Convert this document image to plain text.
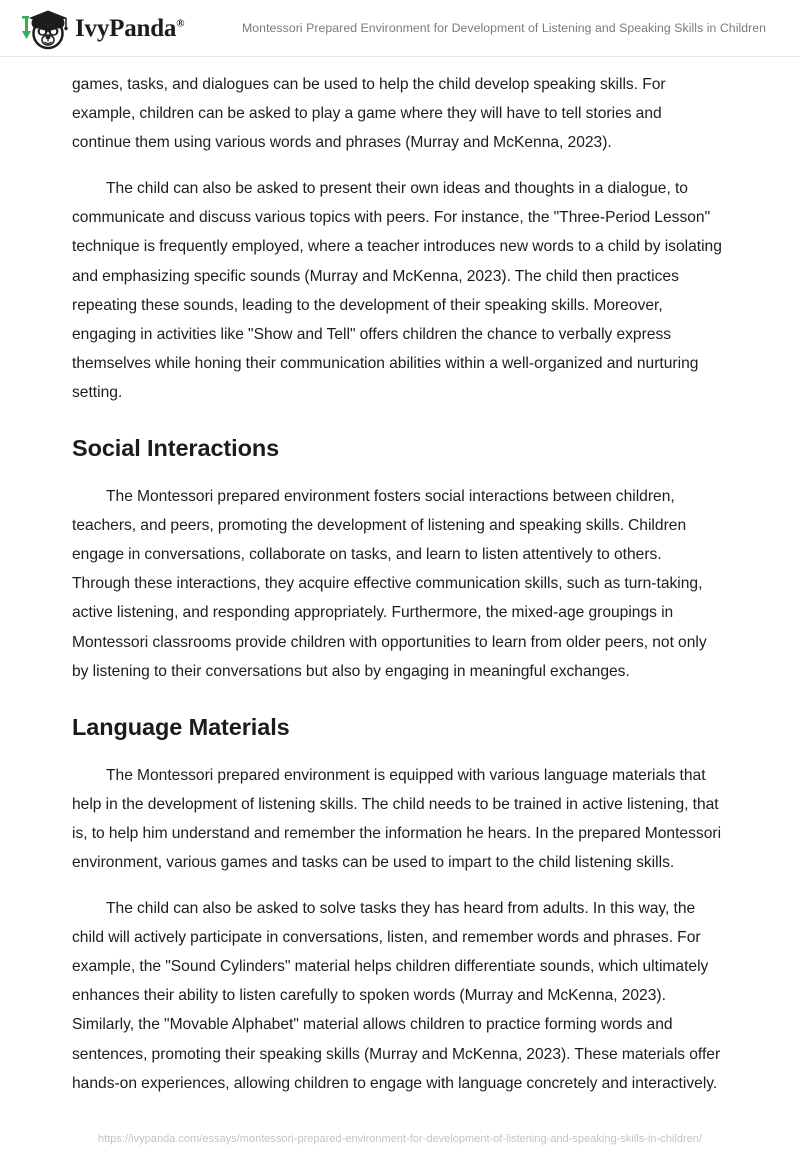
IvyPanda®	Montessori Prepared Environment for Development of Listening and Speaking Skills in Children

games, tasks, and dialogues can be used to help the child develop speaking skills. For example, children can be asked to play a game where they will have to tell stories and continue them using various words and phrases (Murray and McKenna, 2023).

The child can also be asked to present their own ideas and thoughts in a dialogue, to communicate and discuss various topics with peers. For instance, the "Three-Period Lesson" technique is frequently employed, where a teacher introduces new words to a child by isolating and emphasizing specific sounds (Murray and McKenna, 2023). The child then practices repeating these sounds, leading to the development of their speaking skills. Moreover, engaging in activities like "Show and Tell" offers children the chance to verbally express themselves while honing their communication abilities within a well-organized and nurturing setting.

Social Interactions

The Montessori prepared environment fosters social interactions between children, teachers, and peers, promoting the development of listening and speaking skills. Children engage in conversations, collaborate on tasks, and learn to listen attentively to others. Through these interactions, they acquire effective communication skills, such as turn-taking, active listening, and responding appropriately. Furthermore, the mixed-age groupings in Montessori classrooms provide children with opportunities to learn from older peers, not only by listening to their conversations but also by engaging in meaningful exchanges.

Language Materials

The Montessori prepared environment is equipped with various language materials that help in the development of listening skills. The child needs to be trained in active listening, that is, to help him understand and remember the information he hears. In the prepared Montessori environment, various games and tasks can be used to impart to the child listening skills.

The child can also be asked to solve tasks they has heard from adults. In this way, the child will actively participate in conversations, listen, and remember words and phrases. For example, the "Sound Cylinders" material helps children differentiate sounds, which ultimately enhances their ability to listen carefully to spoken words (Murray and McKenna, 2023). Similarly, the "Movable Alphabet" material allows children to practice forming words and sentences, promoting their speaking skills (Murray and McKenna, 2023). These materials offer hands-on experiences, allowing children to engage with language concretely and interactively.

https://ivypanda.com/essays/montessori-prepared-environment-for-development-of-listening-and-speaking-skills-in-children/
